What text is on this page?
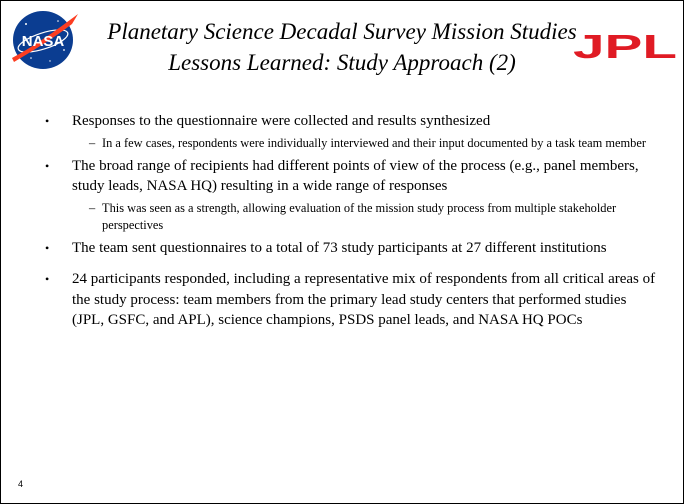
NASA	Planetary Science Decadal Survey Mission Studies
Lessons Learned: Study Approach (2)	JPL
• Responses to the questionnaire were collected and results synthesized
– In a few cases, respondents were individually interviewed and their input documented by a task team member
• The broad range of recipients had different points of view of the process (e.g., panel members, study leads, NASA HQ) resulting in a wide range of responses
– This was seen as a strength, allowing evaluation of the mission study process from multiple stakeholder perspectives
• The team sent questionnaires to a total of 73 study participants at 27 different institutions
• 24 participants responded, including a representative mix of respondents from all critical areas of the study process: team members from the primary lead study centers that performed studies (JPL, GSFC, and APL), science champions, PSDS panel leads, and NASA HQ POCs
4
